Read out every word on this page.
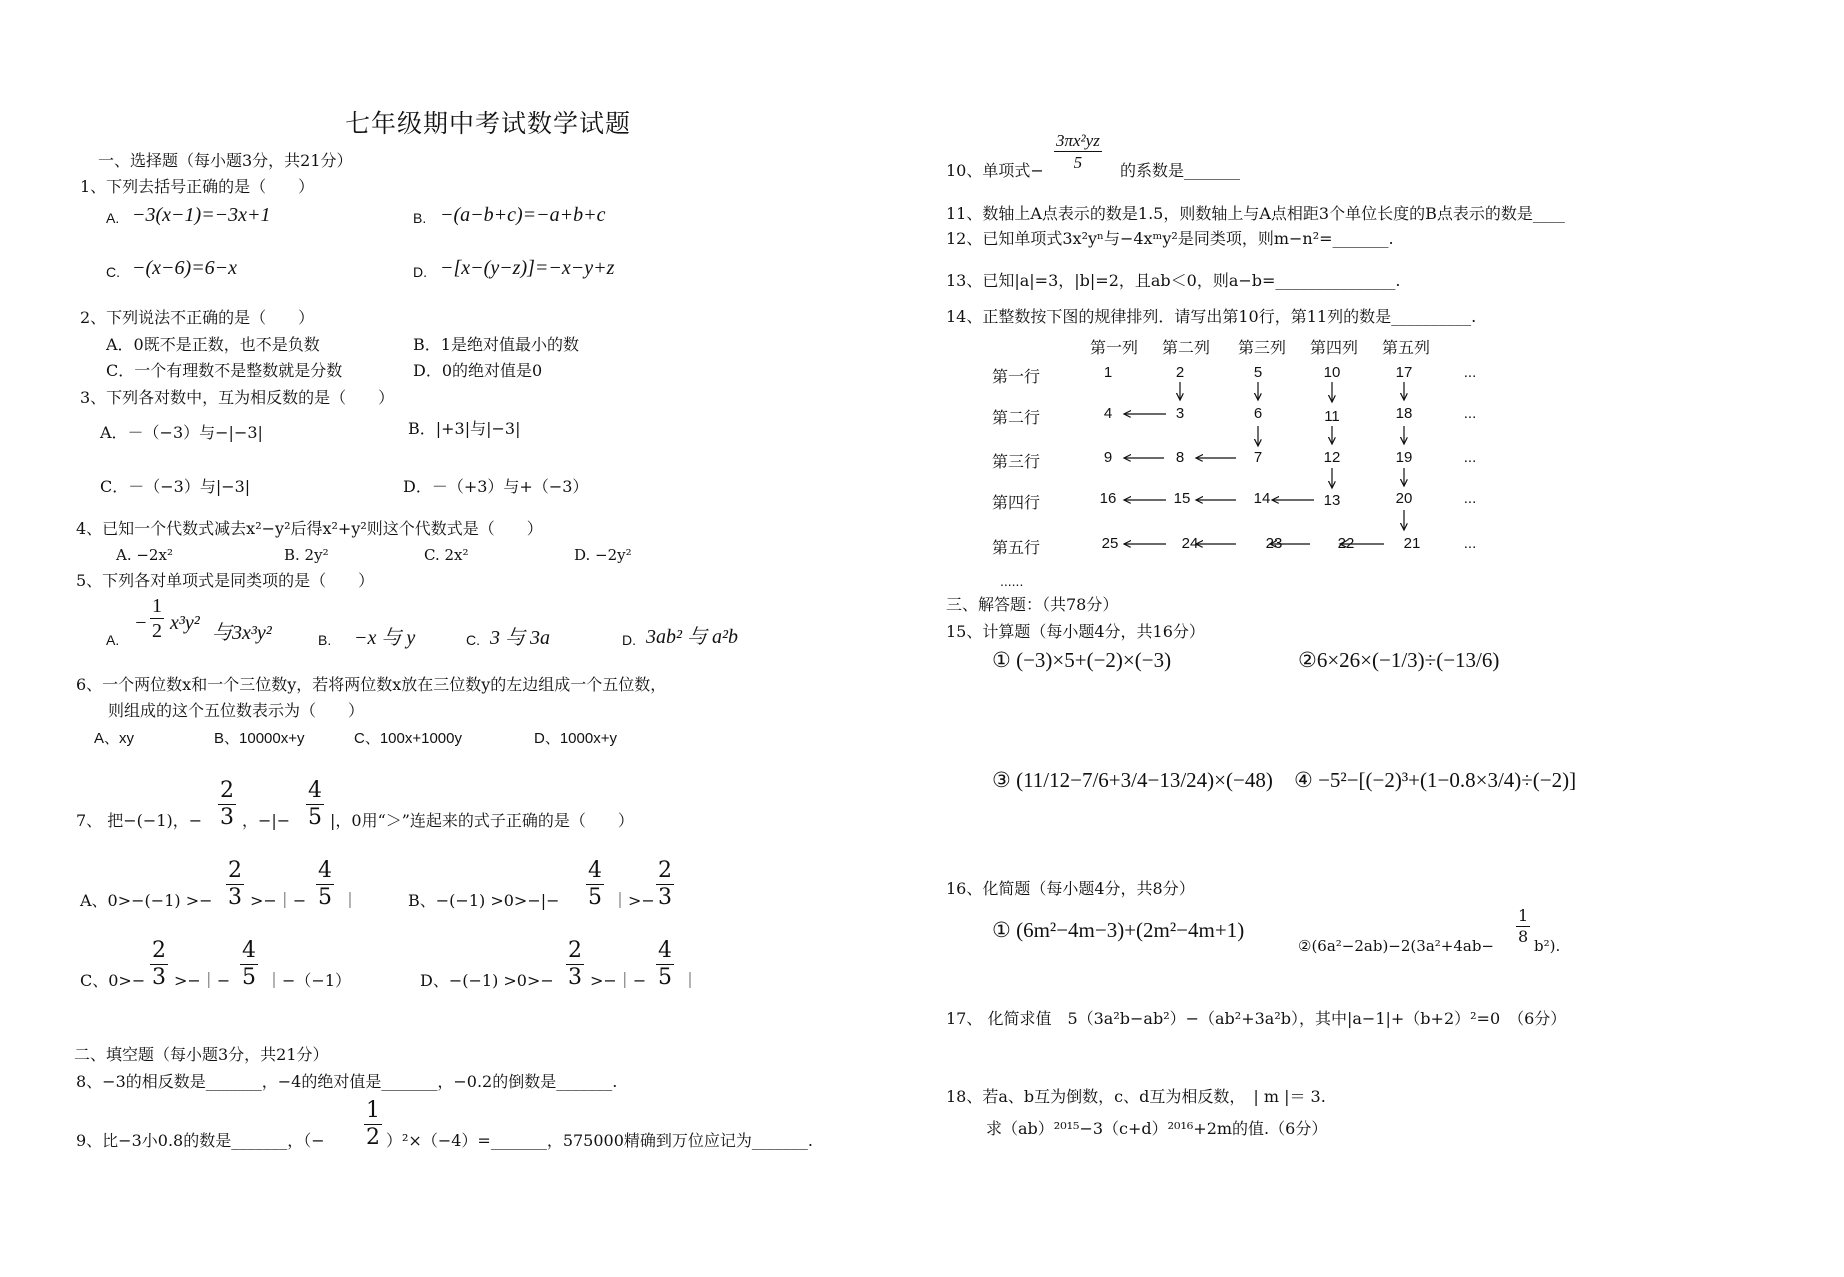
七年级期中考试数学试题
一、选择题（每小题3分，共21分）
1、下列去括号正确的是（　　）
A. −3(x−1)=−3x+1	B. −(a−b+c)=−a+b+c
C. −(x−6)=6−x	D. −[x−(y−z)]=−x−y+z
2、下列说法不正确的是（　　）
A．0既不是正数，也不是负数	B．1是绝对值最小的数
C．一个有理数不是整数就是分数	D．0的绝对值是0
3、下列各对数中，互为相反数的是（　　）
A．－（−3）与−|−3|	B．|+3|与|−3|
C．－（−3）与|−3|	D．－（+3）与+（−3）
4、已知一个代数式减去x²−y²后得x²+y²则这个代数式是（　　）
A. −2x²	B. 2y²	C. 2x²	D. −2y²
5、下列各对单项式是同类项的是（　　）
A.
− $\frac{1}{2} x^3y^2$ 与3x³y²	B. −x 与 y	C. 3 与 3a	D. 3ab² 与 a²b
6、一个两位数x和一个三位数y，若将两位数x放在三位数y的左边组成一个五位数，
则组成的这个五位数表示为（　　）
A、xy	B、10000x+y	C、100x+1000y	D、1000x+y
7、 把−(−1)，− $\frac{2}{3}$ ，−|− $\frac{4}{5}$ |，0用“＞”连起来的式子正确的是（　　）
A、$0>-(-1) >- \frac{2}{3}$ >−｜− $\frac{4}{5}$ ｜	B、$-(-1) >0>-|- \frac{4}{5}$ ｜>− $\frac{2}{3}$
C、$0>- \frac{2}{3}$ >−｜− $\frac{4}{5}$ ｜−（−1）	D、$-(-1) >0>- \frac{2}{3}$ >−｜− $\frac{4}{5}$ ｜
二、填空题（每小题3分，共21分）
8、−3的相反数是_______，−4的绝对值是_______，−0.2的倒数是_______.
9、比−3小0.8的数是_______，（− $\frac{1}{2}$ ）²×（−4）=_______，575000精确到万位应记为_______.
10、单项式− $\frac{\text{3πx²yz}}{5}$ 的系数是_______
11、数轴上A点表示的数是1.5，则数轴上与A点相距3个单位长度的B点表示的数是____
12、已知单项式3x²yⁿ与−4xᵐy²是同类项，则m−n²=_______.
13、已知|a|=3，|b|=2，且ab＜0，则a−b=_______________.
14、正整数按下图的规律排列．请写出第10行，第11列的数是__________.
第一列 第二列 第三列 第四列 第五列
第一行
第二行
第三行
第四行
第五行
1	2	5	10	17	...
4	3	6	11	18	...
9	8	7	12	19	...
16	15	14	13	20	...
25	24	23	22	21	...
......
三、解答题：（共78分）
15、计算题（每小题4分，共16分）
① (−3)×5+(−2)×(−3)	②6×26×(−1/3)÷(−13/6)
③ (11/12−7/6+3/4−13/24)×(−48) ④ −5²−[(−2)³+(1−0.8×3/4)÷(−2)]
16、化简题（每小题4分，共8分）
① (6m²−4m−3)+(2m²−4m+1)
②(6a²−2ab)−2(3a²+4ab−
$\frac{1}{8}$
b²).
17、 化简求值　5（3a²b−ab²）−（ab²+3a²b），其中|a−1|+（b+2）²=0　（6分）
18、若a、b互为倒数，c、d互为相反数，　| m |＝ 3.
求（ab）²⁰¹⁵−3（c+d）²⁰¹⁶+2m的值.（6分）
